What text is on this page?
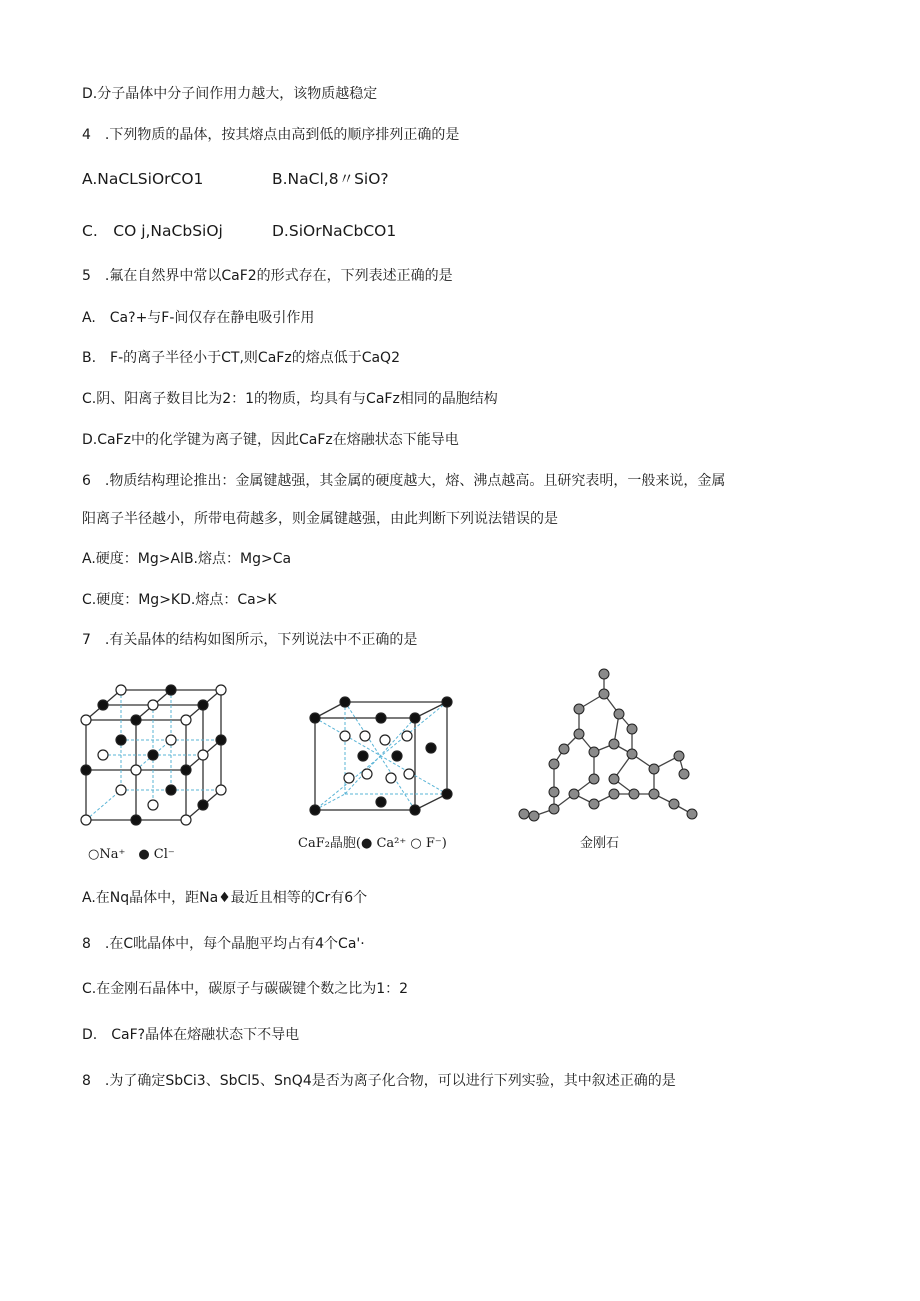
D.分子晶体中分子间作用力越大，该物质越稳定
4　.下列物质的晶体，按其熔点由高到低的顺序排列正确的是
A.NaCLSiOrCO1	B.NaCl,8〃SiO?
C.　CO j,NaCbSiOj	D.SiOrNaCbCO1
5　.氟在自然界中常以CaF2的形式存在，下列表述正确的是
A.　Ca?+与F-间仅存在静电吸引作用
B.　F-的离子半径小于CT,则CaFz的熔点低于CaQ2
C.阴、阳离子数目比为2：1的物质，均具有与CaFz相同的晶胞结构
D.CaFz中的化学键为离子键，因此CaFz在熔融状态下能导电
6　.物质结构理论推出：金属键越强，其金属的硬度越大，熔、沸点越高。且研究表明，一般来说，金属
阳离子半径越小，所带电荷越多，则金属键越强，由此判断下列说法错误的是
A.硬度：Mg>AlB.熔点：Mg>Ca
C.硬度：Mg>KD.熔点：Ca>K
7　.有关晶体的结构如图所示，下列说法中不正确的是
○Na⁺　● Cl⁻
CaF₂晶胞(● Ca²⁺ ○ F⁻)	金刚石
A.在Nq晶体中，距Na♦最近且相等的Cr有6个
8　.在C吡晶体中，每个晶胞平均占有4个Ca'·
C.在金刚石晶体中，碳原子与碳碳键个数之比为1：2
D.　CaF?晶体在熔融状态下不导电
8　.为了确定SbCi3、SbCl5、SnQ4是否为离子化合物，可以进行下列实验，其中叙述正确的是
